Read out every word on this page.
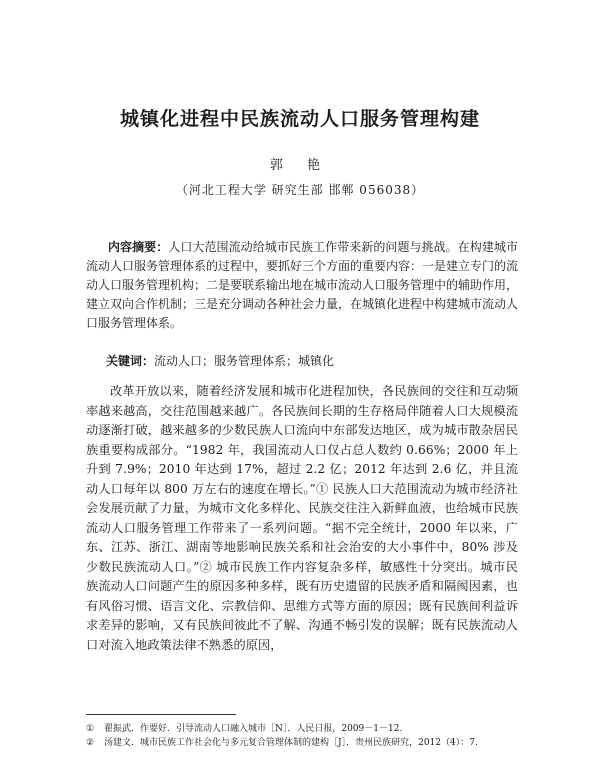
城镇化进程中民族流动人口服务管理构建
郭 艳
（河北工程大学 研究生部 邯郸 056038）
内容摘要：人口大范围流动给城市民族工作带来新的问题与挑战。在构建城市流动人口服务管理体系的过程中，要抓好三个方面的重要内容：一是建立专门的流动人口服务管理机构；二是要联系输出地在城市流动人口服务管理中的辅助作用，建立双向合作机制；三是充分调动各种社会力量，在城镇化进程中构建城市流动人口服务管理体系。
关键词：流动人口；服务管理体系；城镇化
改革开放以来，随着经济发展和城市化进程加快，各民族间的交往和互动频率越来越高，交往范围越来越广。各民族间长期的生存格局伴随着人口大规模流动逐渐打破，越来越多的少数民族人口流向中东部发达地区，成为城市散杂居民族重要构成部分。“1982 年，我国流动人口仅占总人数约 0.66%；2000 年上升到 7.9%；2010 年达到 17%，超过 2.2 亿；2012 年达到 2.6 亿，并且流动人口每年以 800 万左右的速度在增长。”① 民族人口大范围流动为城市经济社会发展贡献了力量，为城市文化多样化、民族交往注入新鲜血液，也给城市民族流动人口服务管理工作带来了一系列问题。“据不完全统计，2000 年以来，广东、江苏、浙江、湖南等地影响民族关系和社会治安的大小事件中，80% 涉及少数民族流动人口。”② 城市民族工作内容复杂多样，敏感性十分突出。城市民族流动人口问题产生的原因多种多样，既有历史遗留的民族矛盾和隔阂因素，也有风俗习惯、语言文化、宗教信仰、思维方式等方面的原因；既有民族间利益诉求差异的影响，又有民族间彼此不了解、沟通不畅引发的误解；既有民族流动人口对流入地政策法律不熟悉的原因，

① 翟振武．作要好．引导流动人口融入城市［N］．人民日报，2009－1－12.

② 汤建文．城市民族工作社会化与多元复合管理体制的建构［J］．贵州民族研究，2012（4）：7.
